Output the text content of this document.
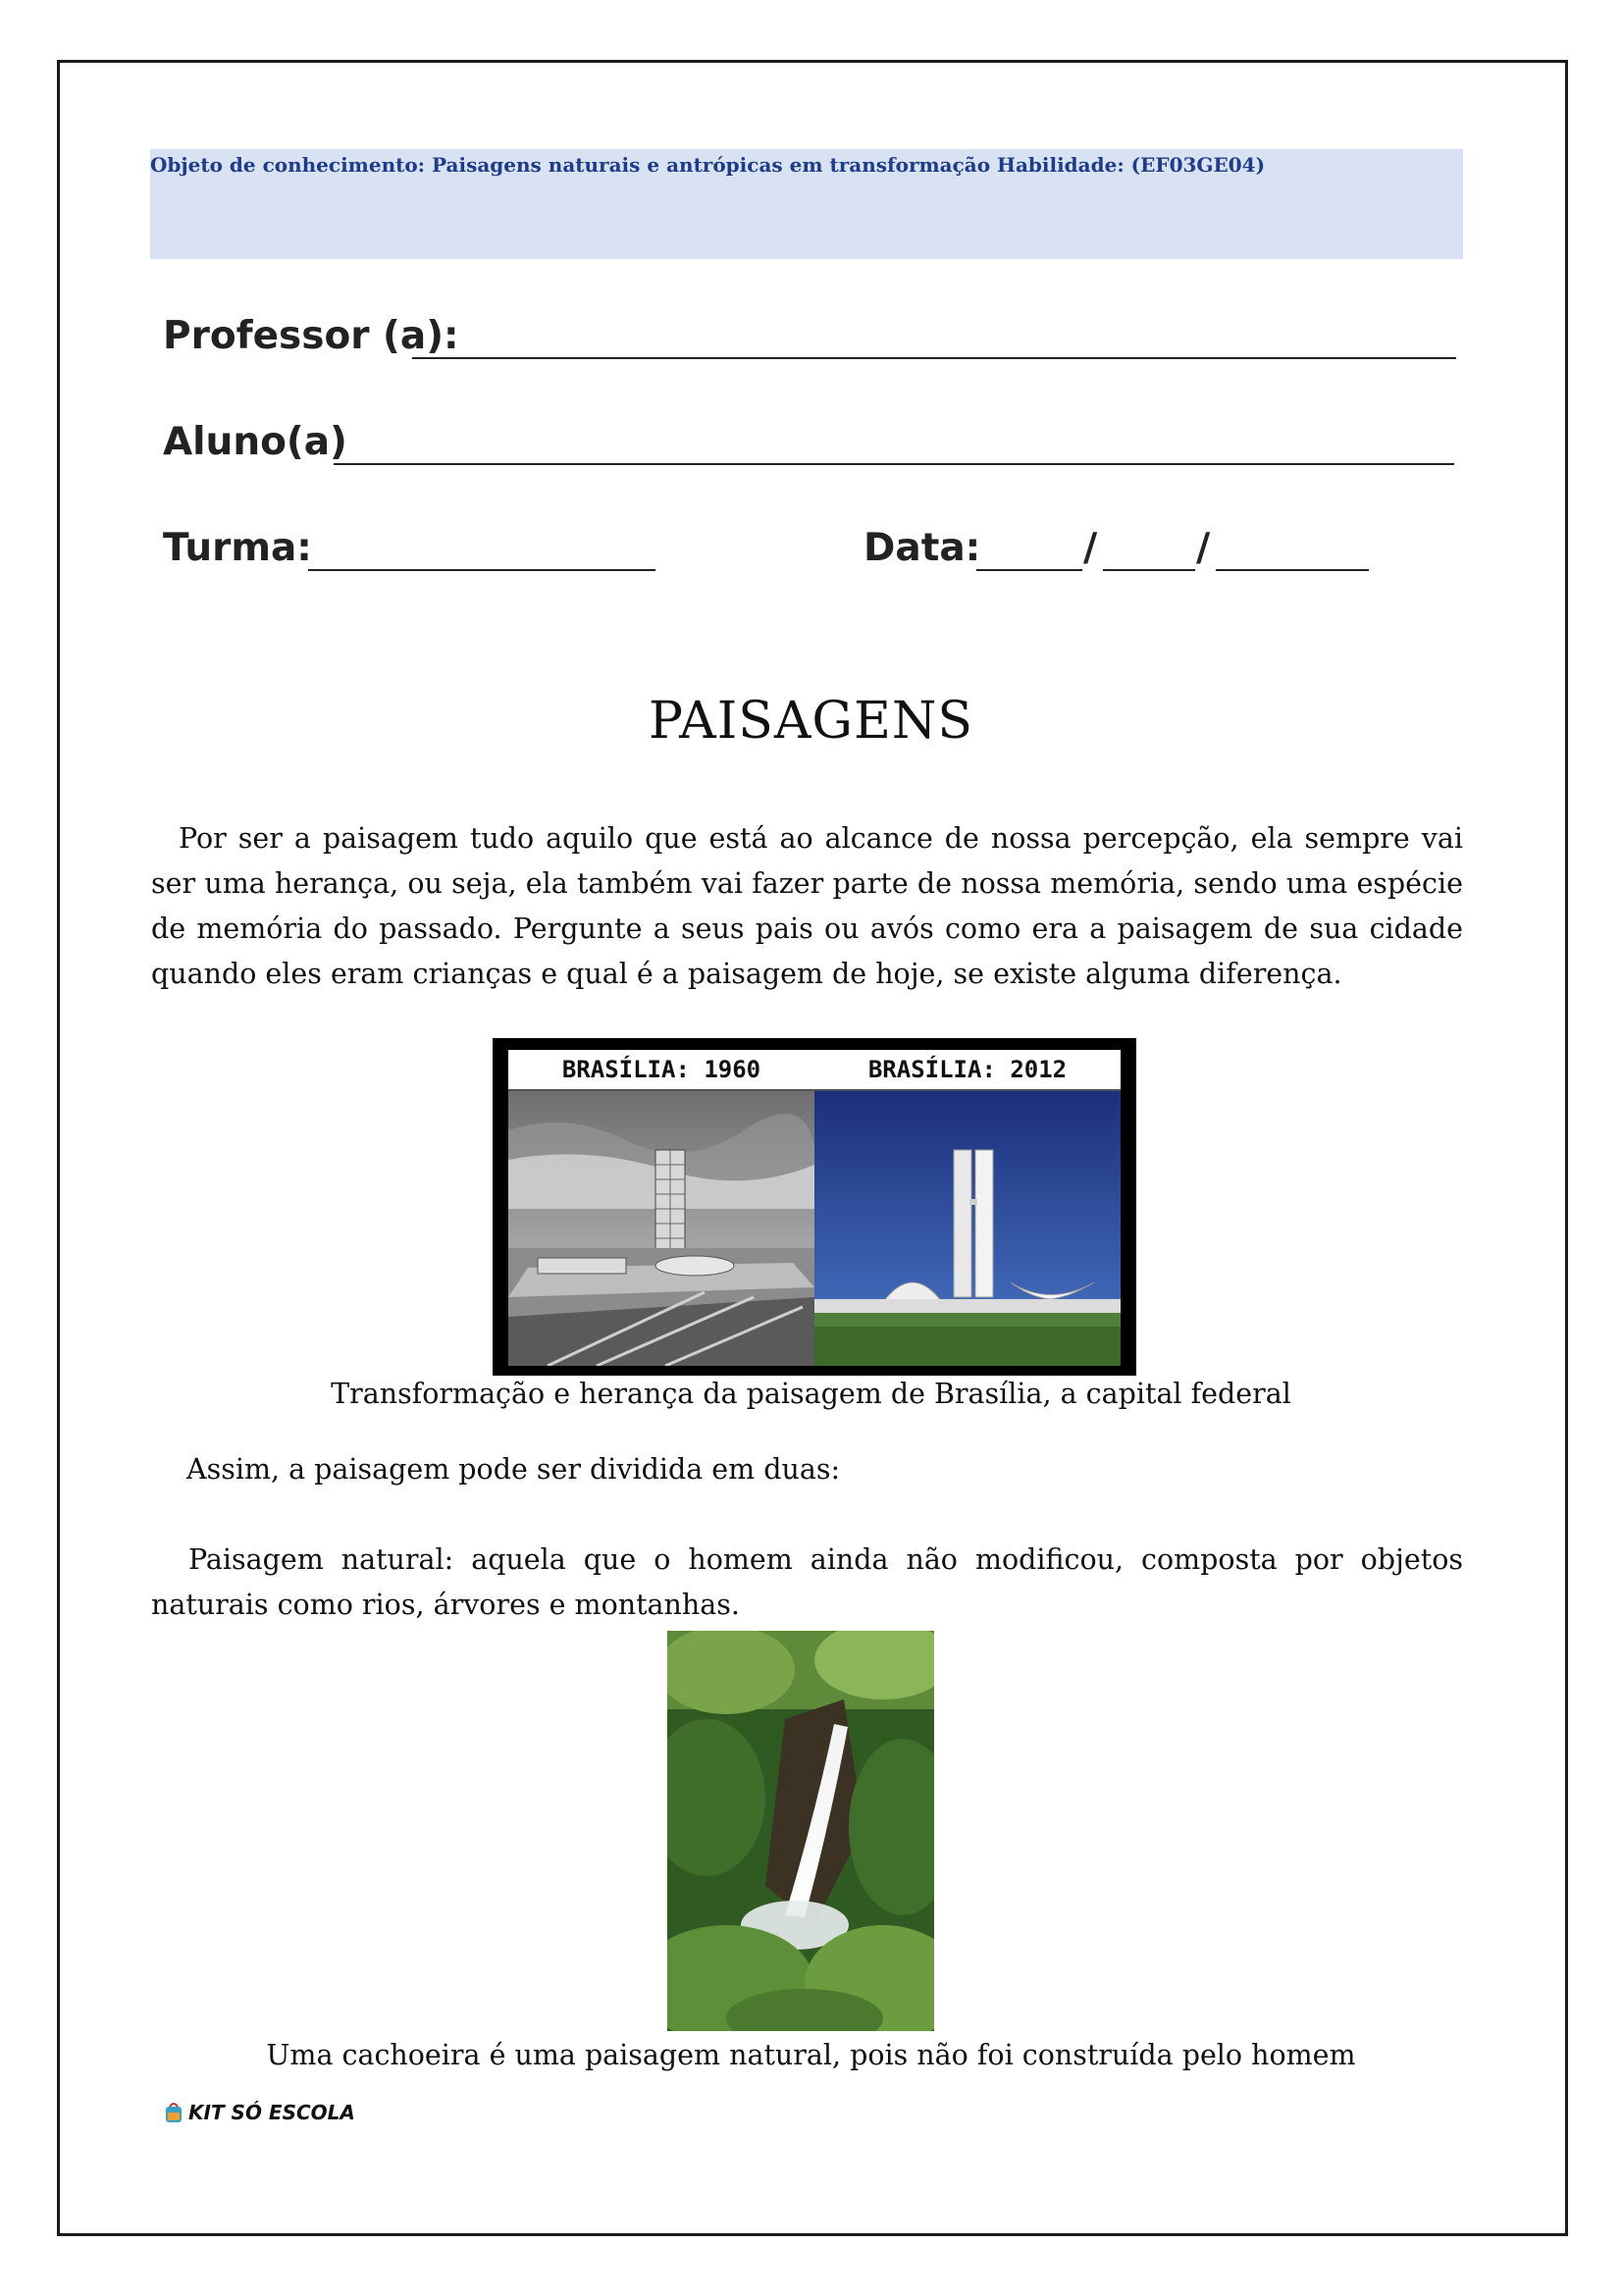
Objeto de conhecimento: Paisagens naturais e antrópicas em transformação Habilidade: (EF03GE04)
Professor (a):
Aluno(a)
Turma:	Data:	/	/
PAISAGENS
Por ser a paisagem tudo aquilo que está ao alcance de nossa percepção, ela sempre vai ser uma herança, ou seja, ela também vai fazer parte de nossa memória, sendo uma espécie de memória do passado. Pergunte a seus pais ou avós como era a paisagem de sua cidade quando eles eram crianças e qual é a paisagem de hoje, se existe alguma diferença.
BRASÍLIA: 1960	BRASÍLIA: 2012
Transformação e herança da paisagem de Brasília, a capital federal
Assim, a paisagem pode ser dividida em duas:
Paisagem natural: aquela que o homem ainda não modificou, composta por objetos naturais como rios, árvores e montanhas.
Uma cachoeira é uma paisagem natural, pois não foi construída pelo homem
KIT SÓ ESCOLA
